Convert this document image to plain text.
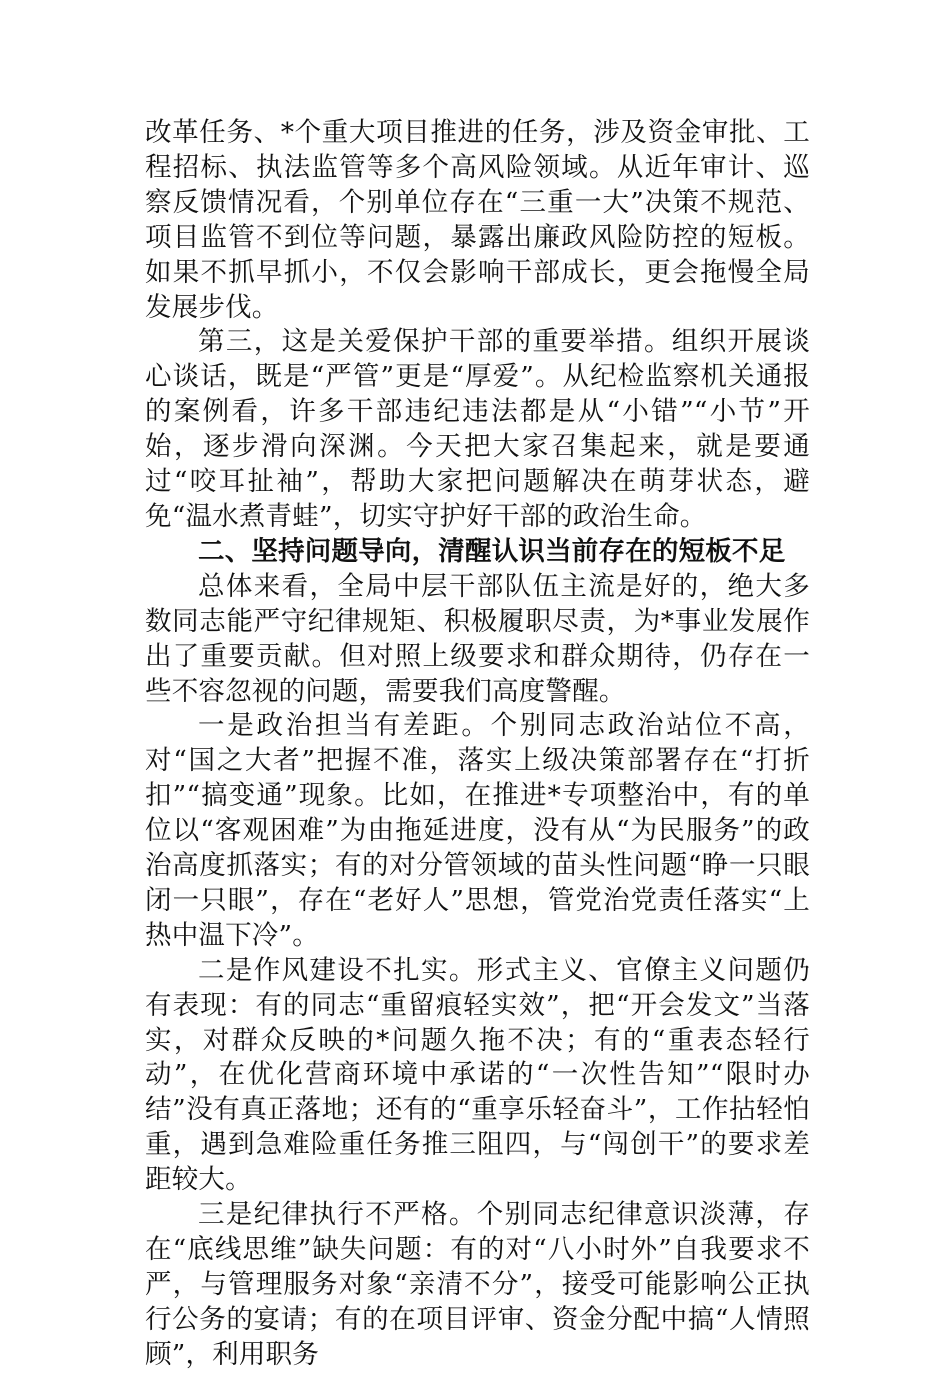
改革任务、*个重大项目推进的任务，涉及资金审批、工程招标、执法监管等多个高风险领域。从近年审计、巡察反馈情况看，个别单位存在“三重一大”决策不规范、项目监管不到位等问题，暴露出廉政风险防控的短板。如果不抓早抓小，不仅会影响干部成长，更会拖慢全局发展步伐。

第三，这是关爱保护干部的重要举措。组织开展谈心谈话，既是“严管”更是“厚爱”。从纪检监察机关通报的案例看，许多干部违纪违法都是从“小错”“小节”开始，逐步滑向深渊。今天把大家召集起来，就是要通过“咬耳扯袖”，帮助大家把问题解决在萌芽状态，避免“温水煮青蛙”，切实守护好干部的政治生命。

二、坚持问题导向，清醒认识当前存在的短板不足

总体来看，全局中层干部队伍主流是好的，绝大多数同志能严守纪律规矩、积极履职尽责，为*事业发展作出了重要贡献。但对照上级要求和群众期待，仍存在一些不容忽视的问题，需要我们高度警醒。

一是政治担当有差距。个别同志政治站位不高，对“国之大者”把握不准，落实上级决策部署存在“打折扣”“搞变通”现象。比如，在推进*专项整治中，有的单位以“客观困难”为由拖延进度，没有从“为民服务”的政治高度抓落实；有的对分管领域的苗头性问题“睁一只眼闭一只眼”，存在“老好人”思想，管党治党责任落实“上热中温下冷”。

二是作风建设不扎实。形式主义、官僚主义问题仍有表现：有的同志“重留痕轻实效”，把“开会发文”当落实，对群众反映的*问题久拖不决；有的“重表态轻行动”，在优化营商环境中承诺的“一次性告知”“限时办结”没有真正落地；还有的“重享乐轻奋斗”，工作拈轻怕重，遇到急难险重任务推三阻四，与“闯创干”的要求差距较大。

三是纪律执行不严格。个别同志纪律意识淡薄，存在“底线思维”缺失问题：有的对“八小时外”自我要求不严，与管理服务对象“亲清不分”，接受可能影响公正执行公务的宴请；有的在项目评审、资金分配中搞“人情照顾”，利用职务
